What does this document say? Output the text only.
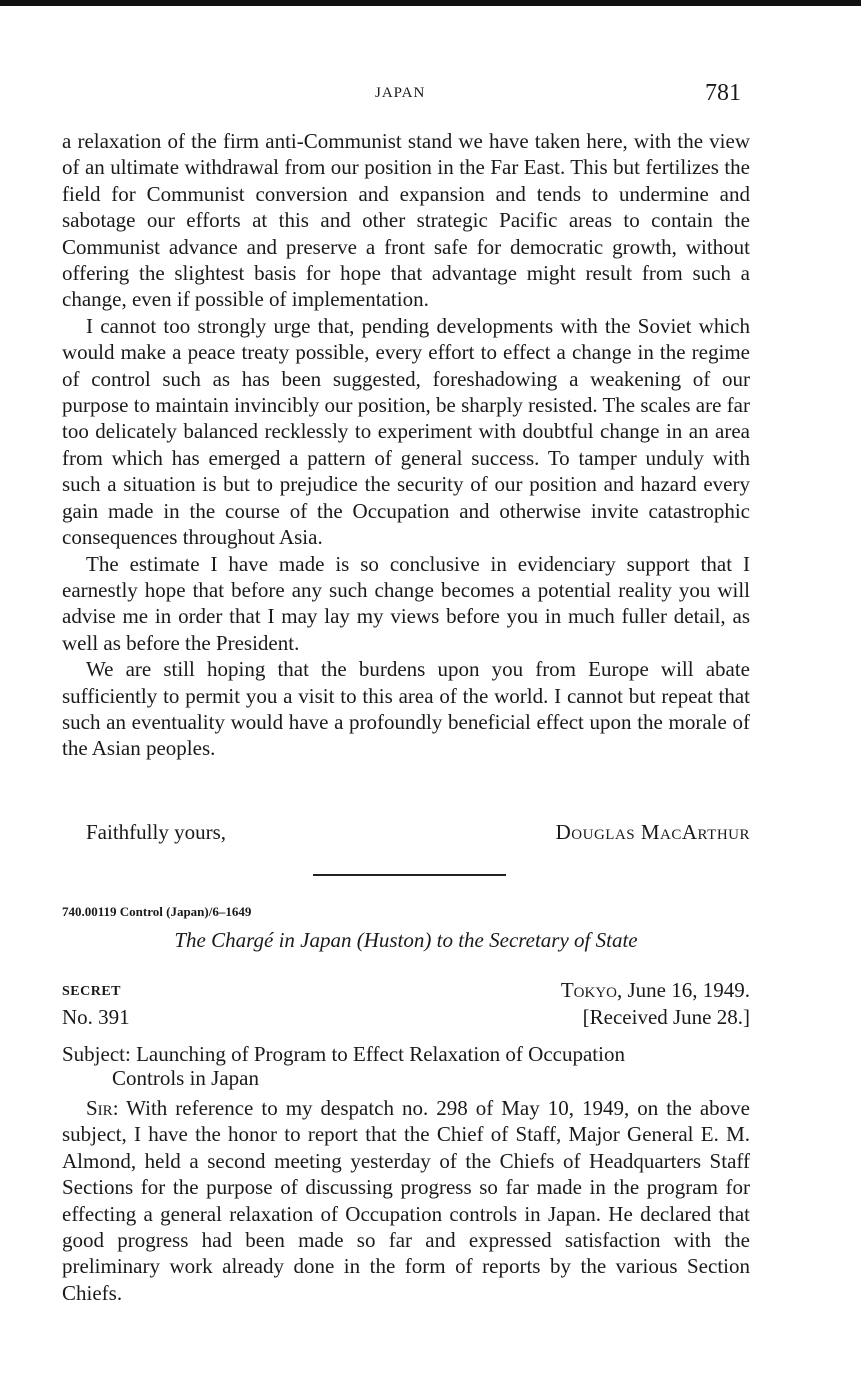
JAPAN	781

a relaxation of the firm anti-Communist stand we have taken here, with the view of an ultimate withdrawal from our position in the Far East. This but fertilizes the field for Communist conversion and expansion and tends to undermine and sabotage our efforts at this and other strategic Pacific areas to contain the Communist advance and preserve a front safe for democratic growth, without offering the slightest basis for hope that advantage might result from such a change, even if possible of implementation.

I cannot too strongly urge that, pending developments with the Soviet which would make a peace treaty possible, every effort to effect a change in the regime of control such as has been suggested, foreshadowing a weakening of our purpose to maintain invincibly our position, be sharply resisted. The scales are far too delicately balanced recklessly to experiment with doubtful change in an area from which has emerged a pattern of general success. To tamper unduly with such a situation is but to prejudice the security of our position and hazard every gain made in the course of the Occupation and otherwise invite catastrophic consequences throughout Asia.

The estimate I have made is so conclusive in evidenciary support that I earnestly hope that before any such change becomes a potential reality you will advise me in order that I may lay my views before you in much fuller detail, as well as before the President.

We are still hoping that the burdens upon you from Europe will abate sufficiently to permit you a visit to this area of the world. I cannot but repeat that such an eventuality would have a profoundly beneficial effect upon the morale of the Asian peoples.

Faithfully yours,	Douglas MacArthur
740.00119 Control (Japan)/6–1649
The Chargé in Japan (Huston) to the Secretary of State
SECRET	Tokyo, June 16, 1949.
No. 391	[Received June 28.]
Subject: Launching of Program to Effect Relaxation of Occupation
Controls in Japan

Sir: With reference to my despatch no. 298 of May 10, 1949, on the above subject, I have the honor to report that the Chief of Staff, Major General E. M. Almond, held a second meeting yesterday of the Chiefs of Headquarters Staff Sections for the purpose of discussing progress so far made in the program for effecting a general relaxation of Occupation controls in Japan. He declared that good progress had been made so far and expressed satisfaction with the preliminary work already done in the form of reports by the various Section Chiefs.
